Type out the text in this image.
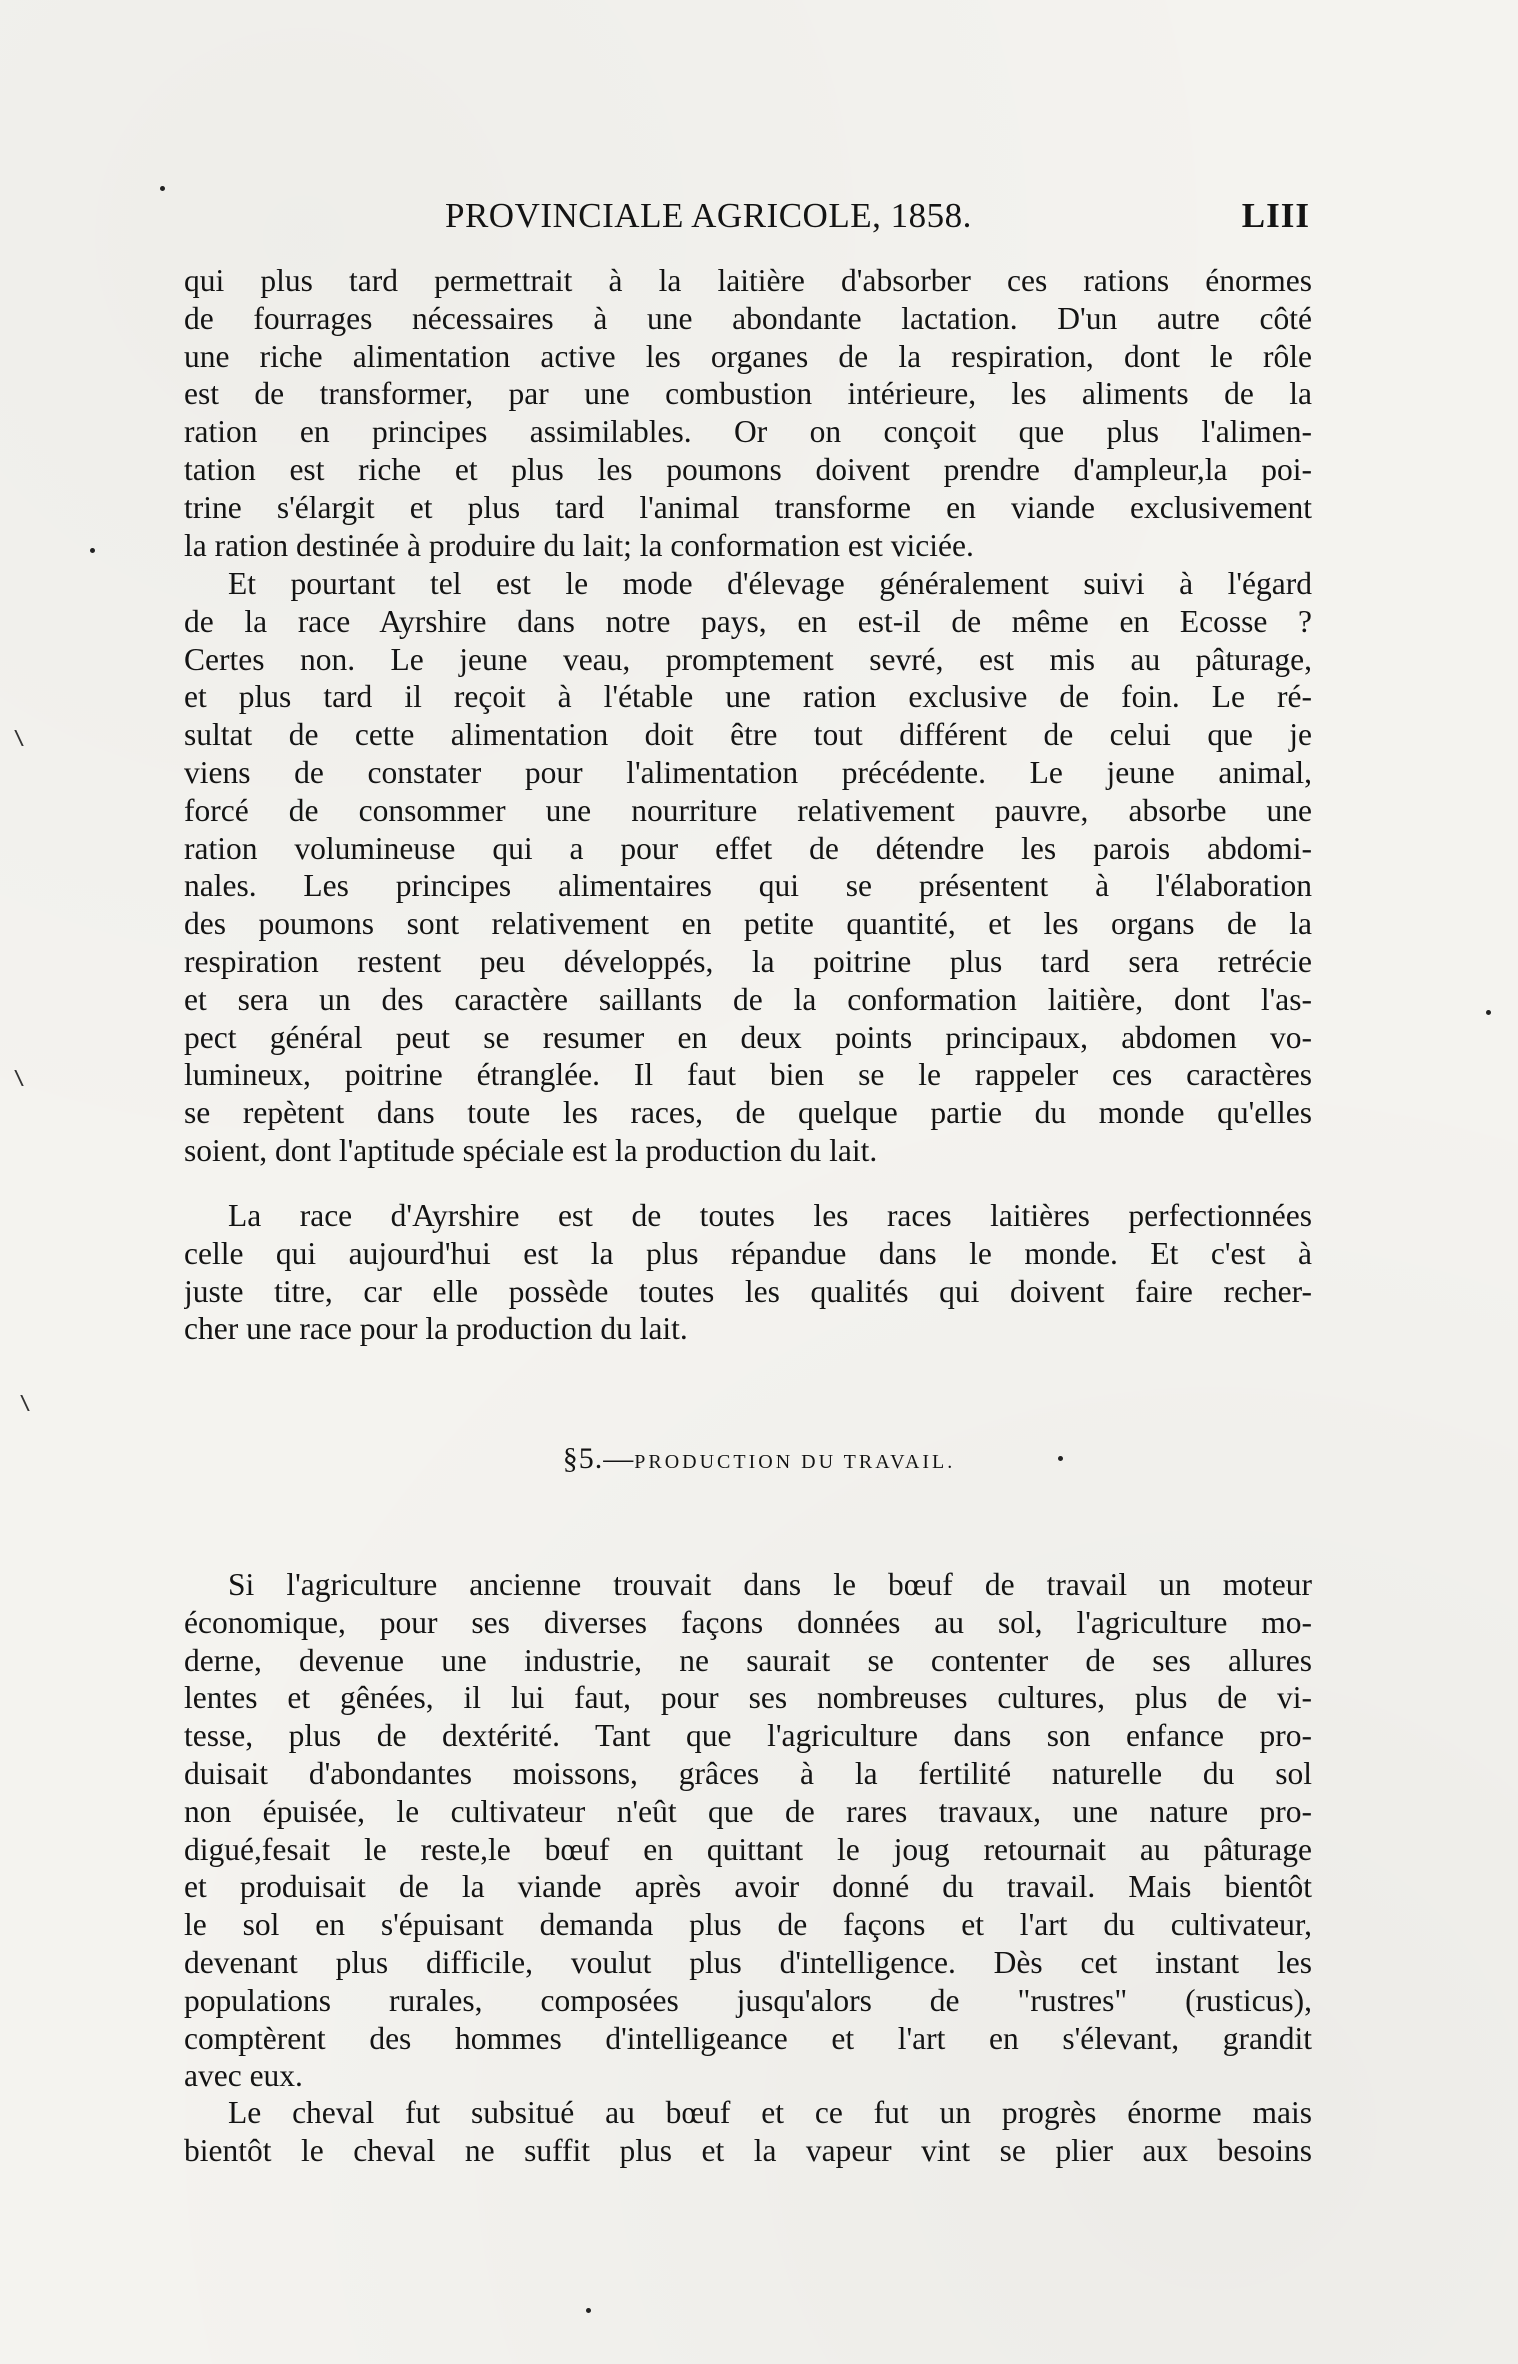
PROVINCIALE AGRICOLE, 1858.	LIII
qui plus tard permettrait à la laitière d'absorber ces rations énormes
de fourrages nécessaires à une abondante lactation. D'un autre côté
une riche alimentation active les organes de la respiration, dont le rôle
est de transformer, par une combustion intérieure, les aliments de la
ration en principes assimilables. Or on conçoit que plus l'alimen-
tation est riche et plus les poumons doivent prendre d'ampleur,la poi-
trine s'élargit et plus tard l'animal transforme en viande exclusivement
la ration destinée à produire du lait; la conformation est viciée.
Et pourtant tel est le mode d'élevage généralement suivi à l'égard
de la race Ayrshire dans notre pays, en est-il de même en Ecosse ?
Certes non. Le jeune veau, promptement sevré, est mis au pâturage,
et plus tard il reçoit à l'étable une ration exclusive de foin. Le ré-
sultat de cette alimentation doit être tout différent de celui que je
viens de constater pour l'alimentation précédente. Le jeune animal,
forcé de consommer une nourriture relativement pauvre, absorbe une
ration volumineuse qui a pour effet de détendre les parois abdomi-
nales. Les principes alimentaires qui se présentent à l'élaboration
des poumons sont relativement en petite quantité, et les organs de la
respiration restent peu développés, la poitrine plus tard sera retrécie
et sera un des caractère saillants de la conformation laitière, dont l'as-
pect général peut se resumer en deux points principaux, abdomen vo-
lumineux, poitrine étranglée. Il faut bien se le rappeler ces caractères
se repètent dans toute les races, de quelque partie du monde qu'elles
soient, dont l'aptitude spéciale est la production du lait.
La race d'Ayrshire est de toutes les races laitières perfectionnées
celle qui aujourd'hui est la plus répandue dans le monde. Et c'est à
juste titre, car elle possède toutes les qualités qui doivent faire recher-
cher une race pour la production du lait.
§5.—PRODUCTION DU TRAVAIL.
Si l'agriculture ancienne trouvait dans le bœuf de travail un moteur
économique, pour ses diverses façons données au sol, l'agriculture mo-
derne, devenue une industrie, ne saurait se contenter de ses allures
lentes et gênées, il lui faut, pour ses nombreuses cultures, plus de vi-
tesse, plus de dextérité. Tant que l'agriculture dans son enfance pro-
duisait d'abondantes moissons, grâces à la fertilité naturelle du sol
non épuisée, le cultivateur n'eût que de rares travaux, une nature pro-
digué,fesait le reste,le bœuf en quittant le joug retournait au pâturage
et produisait de la viande après avoir donné du travail. Mais bientôt
le sol en s'épuisant demanda plus de façons et l'art du cultivateur,
devenant plus difficile, voulut plus d'intelligence. Dès cet instant les
populations rurales, composées jusqu'alors de "rustres" (rusticus),
comptèrent des hommes d'intelligeance et l'art en s'élevant, grandit
avec eux.
Le cheval fut subsitué au bœuf et ce fut un progrès énorme mais
bientôt le cheval ne suffit plus et la vapeur vint se plier aux besoins
